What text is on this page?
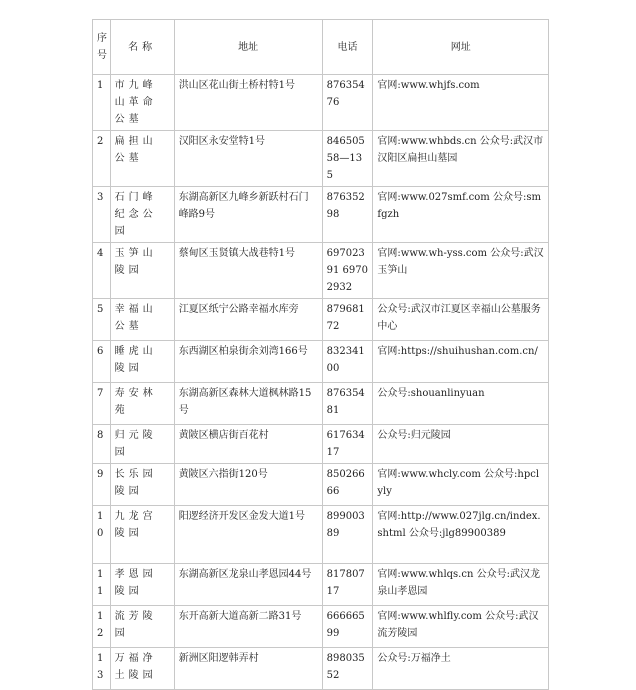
序号	名称	地址	电话	网址
1	市九峰山革命公墓	洪山区花山街土桥村特1号	87635476	官网:www.whjfs.com
2	扁担山公墓	汉阳区永安堂特1号	84650558—135	官网:www.whbds.cn 公众号:武汉市汉阳区扁担山墓园
3	石门峰纪念公园	东湖高新区九峰乡新跃村石门峰路9号	87635298	官网:www.027smf.com 公众号:smfgzh
4	玉笋山陵园	蔡甸区玉贤镇大战巷特1号	69702391 69702932	官网:www.wh-yss.com 公众号:武汉玉笋山
5	幸福山公墓	江夏区纸宁公路幸福水库旁	87968172	公众号:武汉市江夏区幸福山公墓服务中心
6	睡虎山陵园	东西湖区柏泉街余刘湾166号	83234100	官网:https://shuihushan.com.cn/
7	寿安林苑	东湖高新区森林大道枫林路15号	87635481	公众号:shouanlinyuan
8	归元陵园	黄陂区横店街百花村	61763417	公众号:归元陵园
9	长乐园陵园	黄陂区六指街120号	85026666	官网:www.whcly.com 公众号:hpclyly
10	九龙宫陵园	阳逻经济开发区金发大道1号	89900389	官网:http://www.027jlg.cn/index.shtml 公众号:jlg89900389
11	孝恩园陵园	东湖高新区龙泉山孝恩园44号	81780717	官网:www.whlqs.cn 公众号:武汉龙泉山孝恩园
12	流芳陵园	东开高新大道高新二路31号	66666599	官网:www.whlfly.com 公众号:武汉流芳陵园
13	万福净土陵园	新洲区阳逻韩弄村	89803552	公众号:万福净土
